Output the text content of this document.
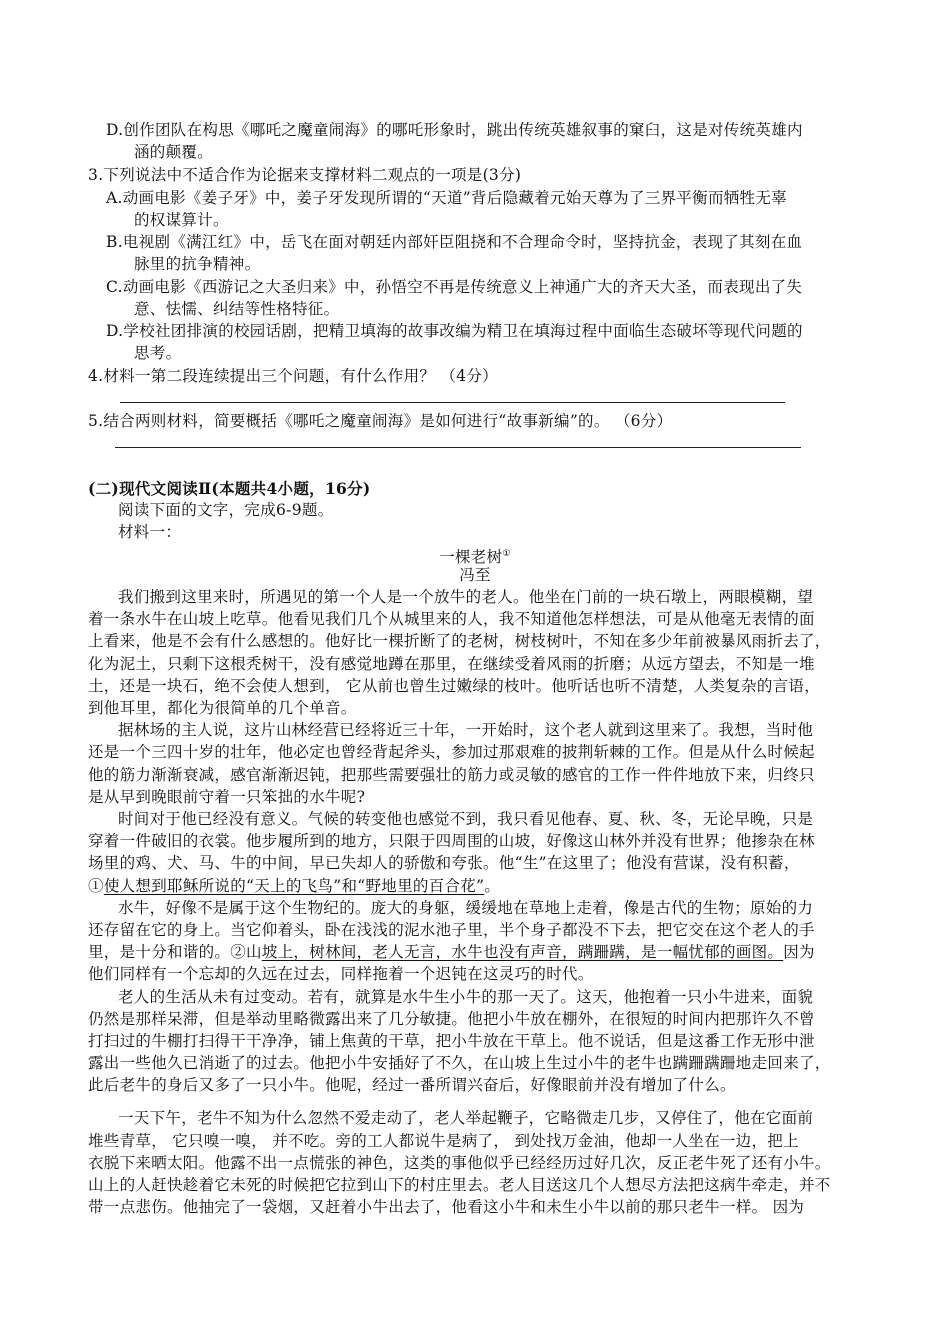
D.创作团队在构思《哪吒之魔童闹海》的哪吒形象时，跳出传统英雄叙事的窠臼，这是对传统英雄内
涵的颠覆。
3.下列说法中不适合作为论据来支撑材料二观点的一项是(3分)
A.动画电影《姜子牙》中，姜子牙发现所谓的“天道”背后隐藏着元始天尊为了三界平衡而牺牲无辜
的权谋算计。
B.电视剧《满江红》中，岳飞在面对朝廷内部奸臣阻挠和不合理命令时，坚持抗金，表现了其刻在血
脉里的抗争精神。
C.动画电影《西游记之大圣归来》中，孙悟空不再是传统意义上神通广大的齐天大圣，而表现出了失
意、怯懦、纠结等性格特征。
D.学校社团排演的校园话剧，把精卫填海的故事改编为精卫在填海过程中面临生态破坏等现代问题的
思考。
4.材料一第二段连续提出三个问题，有什么作用？ （4分）
5.结合两则材料，简要概括《哪吒之魔童闹海》是如何进行“故事新编”的。 （6分）
(二)现代文阅读Ⅱ(本题共4小题，16分)
阅读下面的文字，完成6-9题。
材料一：
一棵老树①
冯至
我们搬到这里来时，所遇见的第一个人是一个放牛的老人。他坐在门前的一块石墩上，两眼模糊，望
着一条水牛在山坡上吃草。他看见我们几个从城里来的人，我不知道他怎样想法，可是从他毫无表情的面
上看来，他是不会有什么感想的。他好比一棵折断了的老树，树枝树叶，不知在多少年前被暴风雨折去了，
化为泥土，只剩下这根秃树干，没有感觉地蹲在那里，在继续受着风雨的折磨；从远方望去，不知是一堆
土，还是一块石，绝不会使人想到， 它从前也曾生过嫩绿的枝叶。他听话也听不清楚，人类复杂的言语，
到他耳里，都化为很简单的几个单音。
据林场的主人说，这片山林经营已经将近三十年，一开始时，这个老人就到这里来了。我想，当时他
还是一个三四十岁的壮年，他必定也曾经背起斧头，参加过那艰难的披荆斩棘的工作。但是从什么时候起
他的筋力渐渐衰减，感官渐渐迟钝，把那些需要强壮的筋力或灵敏的感官的工作一件件地放下来，归终只
是从早到晚眼前守着一只笨拙的水牛呢?
时间对于他已经没有意义。气候的转变他也感觉不到，我只看见他春、夏、秋、冬，无论早晚，只是
穿着一件破旧的衣裳。他步履所到的地方，只限于四周围的山坡，好像这山林外并没有世界；他掺杂在林
场里的鸡、犬、马、牛的中间，早已失却人的骄傲和夸张。他“生”在这里了；他没有营谋，没有积蓄，
①使人想到耶稣所说的“天上的飞鸟”和“野地里的百合花”。
水牛，好像不是属于这个生物纪的。庞大的身躯，缓缓地在草地上走着，像是古代的生物；原始的力
还存留在它的身上。当它仰着头，卧在浅浅的泥水池子里，半个身子都没不下去，把它交在这个老人的手
里，是十分和谐的。②山坡上，树林间，老人无言，水牛也没有声音，蹒跚蹒，是一幅忧郁的画图。因为
他们同样有一个忘却的久远在过去，同样拖着一个迟钝在这灵巧的时代。
老人的生活从未有过变动。若有，就算是水牛生小牛的那一天了。这天，他抱着一只小牛进来，面貌
仍然是那样呆滞，但是举动里略微露出来了几分敏捷。他把小牛放在棚外，在很短的时间内把那许久不曾
打扫过的牛棚打扫得干干净净，铺上焦黄的干草，把小牛放在干草上。他不说话，但是这番工作无形中泄
露出一些他久已消逝了的过去。他把小牛安插好了不久，在山坡上生过小牛的老牛也蹒跚蹒跚地走回来了，
此后老牛的身后又多了一只小牛。他呢，经过一番所谓兴奋后，好像眼前并没有增加了什么。
一天下午，老牛不知为什么忽然不爱走动了，老人举起鞭子，它略微走几步，又停住了，他在它面前
堆些青草， 它只嗅一嗅， 并不吃。旁的工人都说牛是病了， 到处找万金油，他却一人坐在一边，把上
衣脱下来晒太阳。他露不出一点慌张的神色，这类的事他似乎已经经历过好几次，反正老牛死了还有小牛。
山上的人赶快趁着它未死的时候把它拉到山下的村庄里去。老人目送这几个人想尽方法把这病牛牵走，并不
带一点悲伤。他抽完了一袋烟，又赶着小牛出去了，他看这小牛和未生小牛以前的那只老牛一样。 因为
